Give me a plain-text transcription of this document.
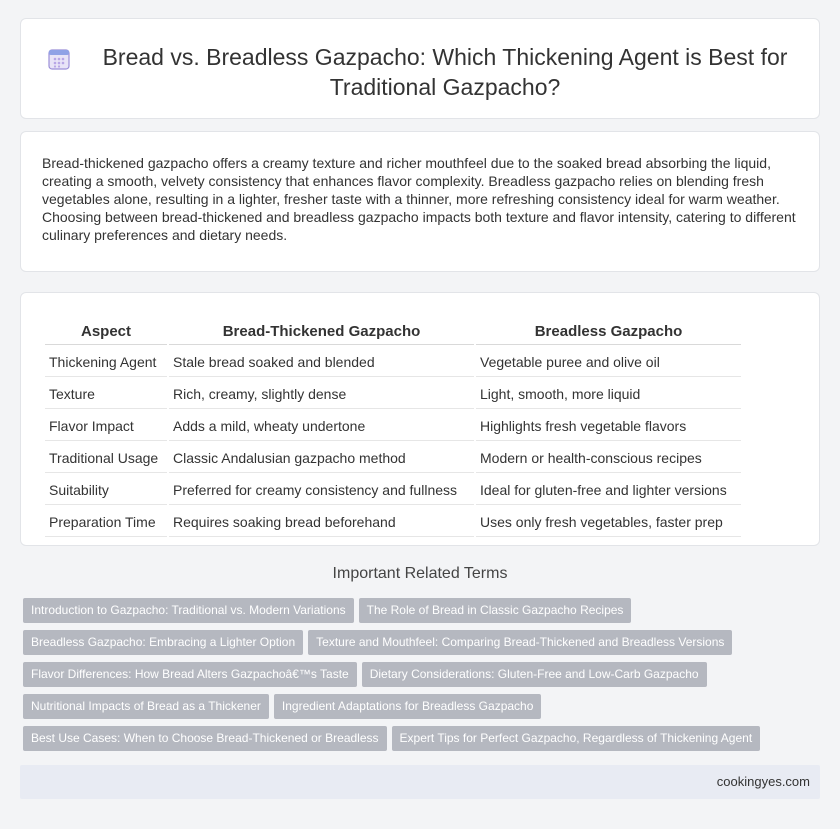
Bread vs. Breadless Gazpacho: Which Thickening Agent is Best for Traditional Gazpacho?

Bread-thickened gazpacho offers a creamy texture and richer mouthfeel due to the soaked bread absorbing the liquid, creating a smooth, velvety consistency that enhances flavor complexity. Breadless gazpacho relies on blending fresh vegetables alone, resulting in a lighter, fresher taste with a thinner, more refreshing consistency ideal for warm weather. Choosing between bread-thickened and breadless gazpacho impacts both texture and flavor intensity, catering to different culinary preferences and dietary needs.

Aspect	Bread-Thickened Gazpacho	Breadless Gazpacho
Thickening Agent	Stale bread soaked and blended	Vegetable puree and olive oil
Texture	Rich, creamy, slightly dense	Light, smooth, more liquid
Flavor Impact	Adds a mild, wheaty undertone	Highlights fresh vegetable flavors
Traditional Usage	Classic Andalusian gazpacho method	Modern or health-conscious recipes
Suitability	Preferred for creamy consistency and fullness	Ideal for gluten-free and lighter versions
Preparation Time	Requires soaking bread beforehand	Uses only fresh vegetables, faster prep
Important Related Terms
Introduction to Gazpacho: Traditional vs. Modern Variations The Role of Bread in Classic Gazpacho Recipes
Breadless Gazpacho: Embracing a Lighter Option Texture and Mouthfeel: Comparing Bread-Thickened and Breadless Versions
Flavor Differences: How Bread Alters Gazpachoâ€™s Taste Dietary Considerations: Gluten-Free and Low-Carb Gazpacho
Nutritional Impacts of Bread as a Thickener Ingredient Adaptations for Breadless Gazpacho
Best Use Cases: When to Choose Bread-Thickened or Breadless Expert Tips for Perfect Gazpacho, Regardless of Thickening Agent
cookingyes.com
